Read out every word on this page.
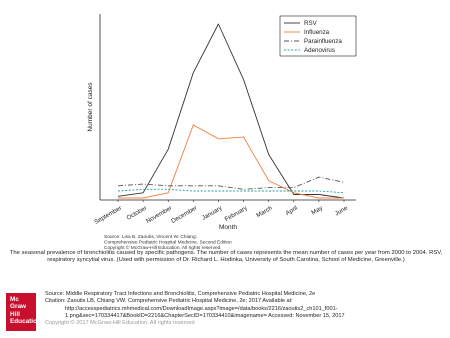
September October
November
December January February March April May June
RSV
Influenza
Parainfluenza
Adenovirus
Number of cases
Month
Source: Lisa B. Zaoutis, Vincent W. Chiang:
Comprehensive Pediatric Hospital Medicine, Second Edition
Copyright © McGraw-Hill Education. All rights reserved.
The seasonal prevalence of bronchiolitis caused by specific pathogens. The number of cases represents the mean number of cases per year from 2000 to 2004. RSV, respiratory syncytial virus. (Used with permission of Dr. Richard L. Hodinka, University of South Carolina, School of Medicine, Greenville.)
Mc
Graw
Hill
Education
Source: Middle Respiratory Tract Infections and Bronchiolitis, Comprehensive Pediatric Hospital Medicine, 2e
Citation: Zaoutis LB, Chiang VW. Comprehensive Pediatric Hospital Medicine, 2e; 2017 Available at:
http://accesspediatrics.mhmedical.com/DownloadImage.aspx?image=/data/books/2216/zaoutis2_ch101_f001-
1.png&sec=170334417&BookID=2216&ChapterSecID=170334410&imagename= Accessed: November 15, 2017
Copyright © 2017 McGraw-Hill Education. All rights reserved
